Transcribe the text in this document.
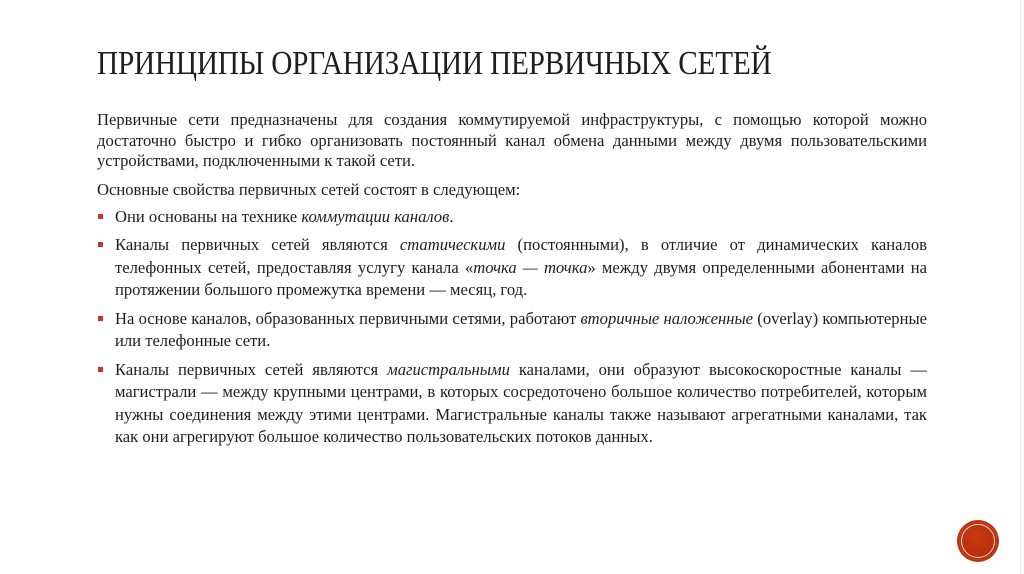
ПРИНЦИПЫ ОРГАНИЗАЦИИ ПЕРВИЧНЫХ СЕТЕЙ

Первичные сети предназначены для создания коммутируемой инфраструктуры, с помощью которой можно достаточно быстро и гибко организовать постоянный канал обмена данными между двумя пользовательскими устройствами, подключенными к такой сети.

Основные свойства первичных сетей состоят в следующем:

Они основаны на технике коммутации каналов.
Каналы первичных сетей являются статическими (постоянными), в отличие от динамических каналов телефонных сетей, предоставляя услугу канала «точка — точка» между двумя определенными абонентами на протяжении большого промежутка времени — месяц, год.
На основе каналов, образованных первичными сетями, работают вторичные наложенные (overlay) компьютерные или телефонные сети.
Каналы первичных сетей являются магистральными каналами, они образуют высокоскоростные каналы — магистрали — между крупными центрами, в которых сосредоточено большое количество потребителей, которым нужны соединения между этими центрами. Магистральные каналы также называют агрегатными каналами, так как они агрегируют большое количество пользовательских потоков данных.
